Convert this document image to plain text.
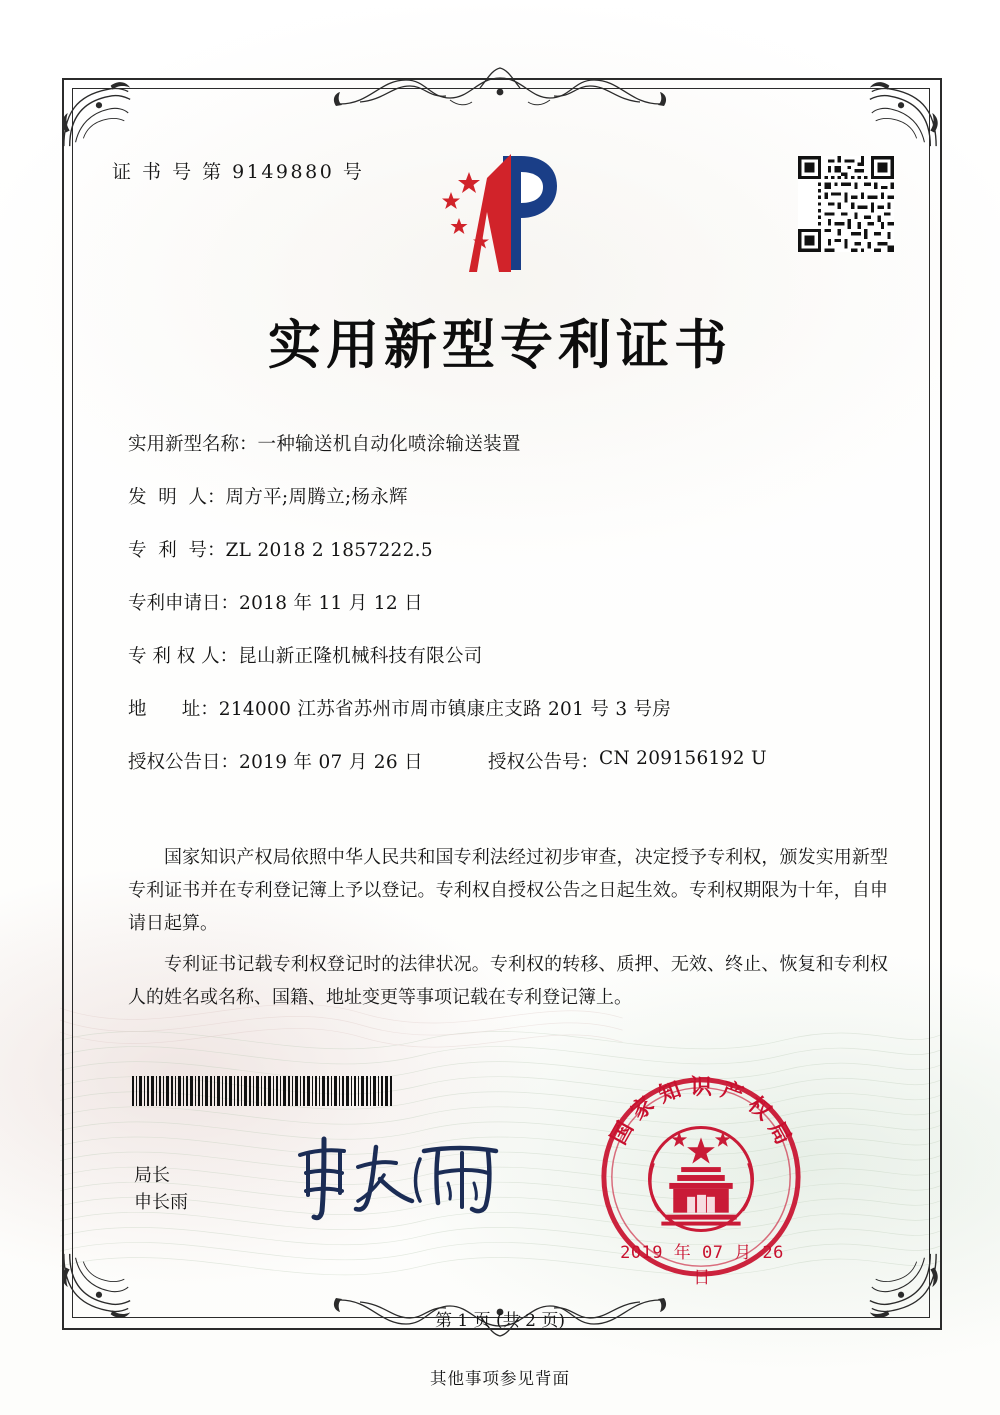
证 书 号 第 9149880 号
实用新型专利证书
实用新型名称： 一种输送机自动化喷涂输送装置
发  明  人： 周方平;周腾立;杨永辉
专  利  号： ZL 2018 2 1857222.5
专利申请日： 2018 年 11 月 12 日
专 利 权 人： 昆山新正隆机械科技有限公司
地      址： 214000 江苏省苏州市周市镇康庄支路 201 号 3 号房
授权公告日： 2019 年 07 月 26 日	授权公告号： CN 209156192 U

国家知识产权局依照中华人民共和国专利法经过初步审查，决定授予专利权，颁发实用新型专利证书并在专利登记簿上予以登记。专利权自授权公告之日起生效。专利权期限为十年，自申请日起算。

专利证书记载专利权登记时的法律状况。专利权的转移、质押、无效、终止、恢复和专利权人的姓名或名称、国籍、地址变更等事项记载在专利登记簿上。

局长
申长雨
国 家 知 识 产 权 局
2019 年 07 月 26 日
第 1 页 (共 2 页)
其他事项参见背面
